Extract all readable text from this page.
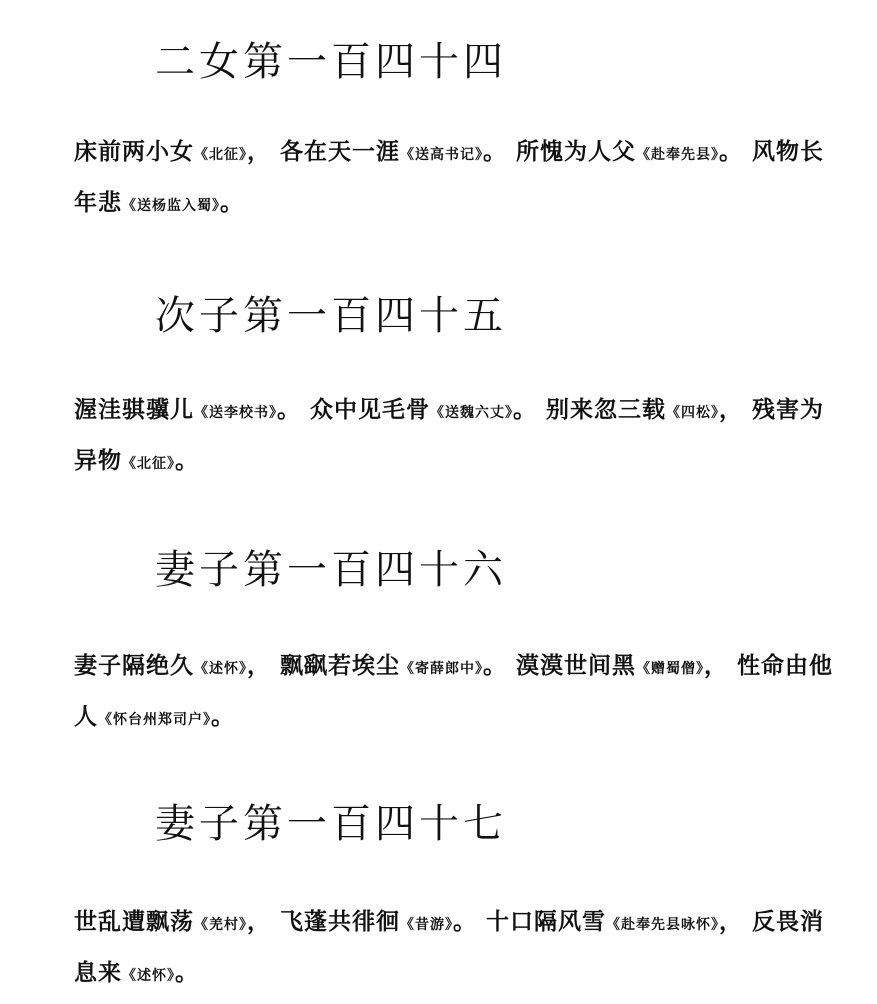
二女第一百四十四
床前两小女《北征》， 各在天一涯《送高书记》。 所愧为人父《赴奉先县》。 风物长年悲《送杨监入蜀》。
次子第一百四十五
渥洼骐骥儿《送李校书》。 众中见毛骨《送魏六丈》。 别来忽三载《四松》， 残害为异物《北征》。
妻子第一百四十六
妻子隔绝久《述怀》， 飘飖若埃尘《寄薛郎中》。 漠漠世间黑《赠蜀僧》， 性命由他人《怀台州郑司户》。
妻子第一百四十七
世乱遭飘荡《羌村》， 飞蓬共徘徊《昔游》。 十口隔风雪《赴奉先县咏怀》， 反畏消息来《述怀》。
